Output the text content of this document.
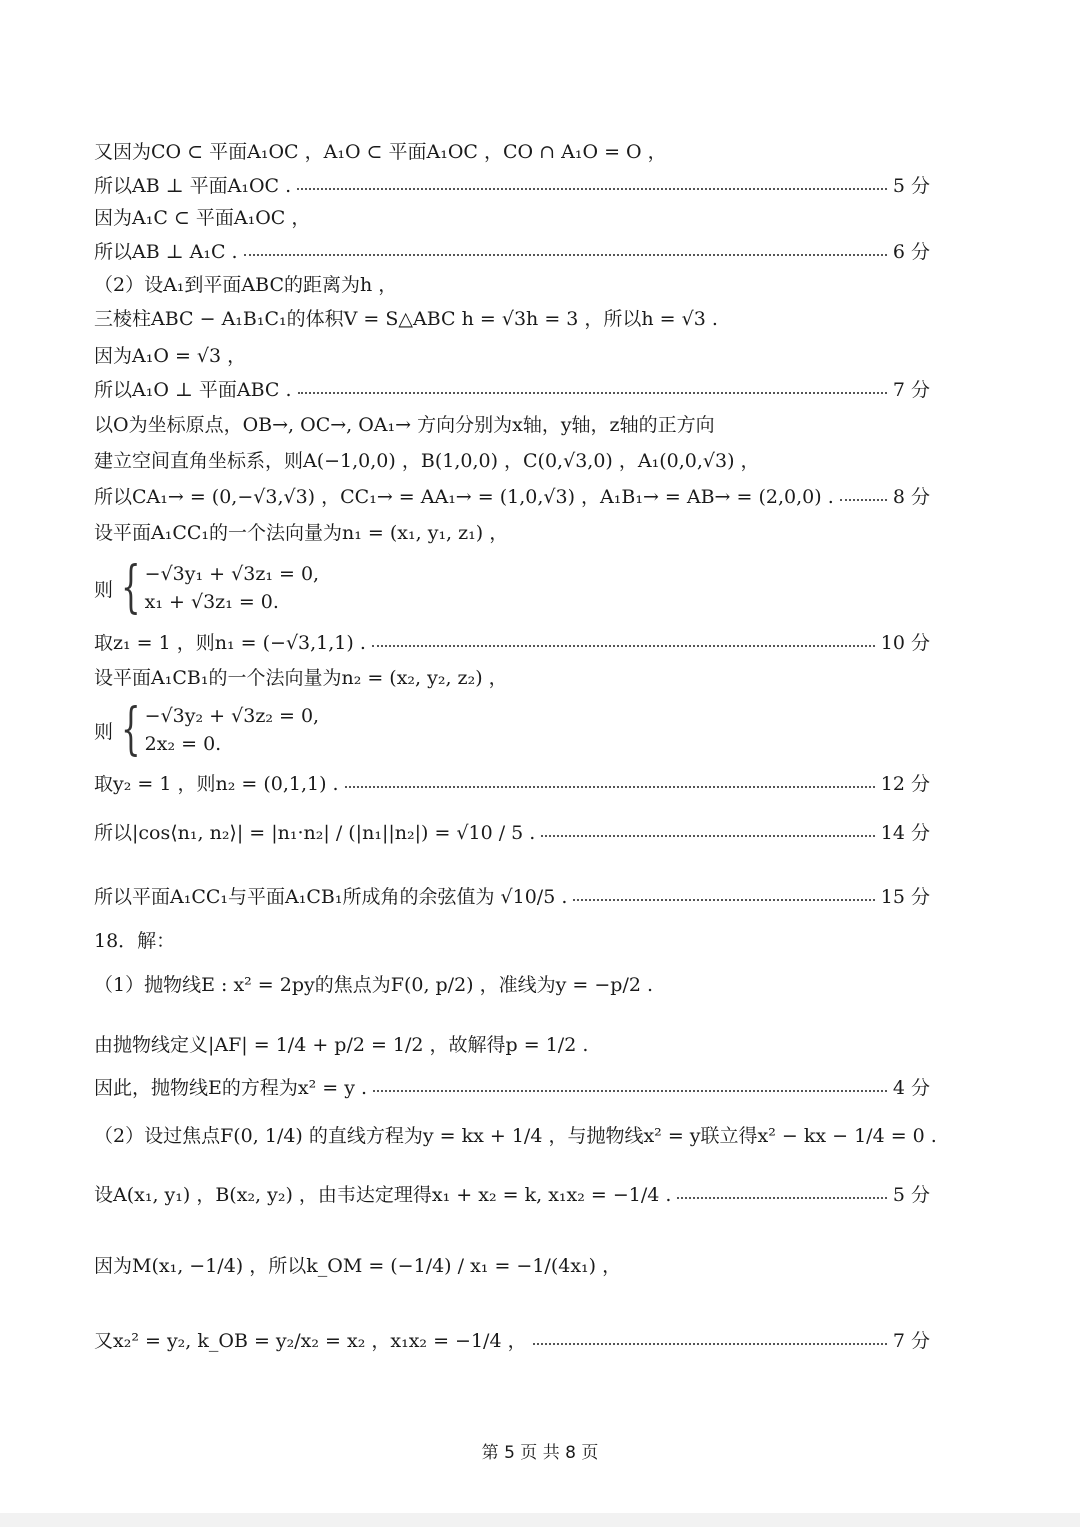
又因为CO ⊂ 平面A₁OC ，A₁O ⊂ 平面A₁OC ，CO ∩ A₁O = O ，
所以AB ⊥ 平面A₁OC .	5 分
因为A₁C ⊂ 平面A₁OC ，
所以AB ⊥ A₁C .	6 分
（2）设A₁到平面ABC的距离为h ，
三棱柱ABC − A₁B₁C₁的体积V = S△ABC h = √3h = 3 ，所以h = √3 .
因为A₁O = √3 ，
所以A₁O ⊥ 平面ABC .	7 分
以O为坐标原点，OB→, OC→, OA₁→ 方向分别为x轴，y轴，z轴的正方向
建立空间直角坐标系，则A(−1,0,0) ，B(1,0,0) ，C(0,√3,0) ，A₁(0,0,√3) ，
所以CA₁→ = (0,−√3,√3) ，CC₁→ = AA₁→ = (1,0,√3) ，A₁B₁→ = AB→ = (2,0,0) .	8 分
设平面A₁CC₁的一个法向量为n₁ = (x₁, y₁, z₁) ，
则 { −√3y₁ + √3z₁ = 0,
x₁ + √3z₁ = 0.
取z₁ = 1 ，则n₁ = (−√3,1,1) .	10 分
设平面A₁CB₁的一个法向量为n₂ = (x₂, y₂, z₂) ，
则 { −√3y₂ + √3z₂ = 0,
2x₂ = 0.
取y₂ = 1 ，则n₂ = (0,1,1) .	12 分
所以|cos⟨n₁, n₂⟩| = |n₁·n₂| / (|n₁||n₂|) = √10 / 5 .	14 分
所以平面A₁CC₁与平面A₁CB₁所成角的余弦值为 √10/5 .	15 分
18．解：
（1）抛物线E : x² = 2py的焦点为F(0, p/2) ，准线为y = −p/2 .
由抛物线定义|AF| = 1/4 + p/2 = 1/2 ，故解得p = 1/2 .
因此，抛物线E的方程为x² = y .	4 分
（2）设过焦点F(0, 1/4) 的直线方程为y = kx + 1/4 ，与抛物线x² = y联立得x² − kx − 1/4 = 0 .
设A(x₁, y₁) ，B(x₂, y₂) ，由韦达定理得x₁ + x₂ = k, x₁x₂ = −1/4 .	5 分
因为M(x₁, −1/4) ，所以k_OM = (−1/4) / x₁ = −1/(4x₁) ，
又x₂² = y₂, k_OB = y₂/x₂ = x₂ ，x₁x₂ = −1/4 ，	7 分
第 5 页 共 8 页
